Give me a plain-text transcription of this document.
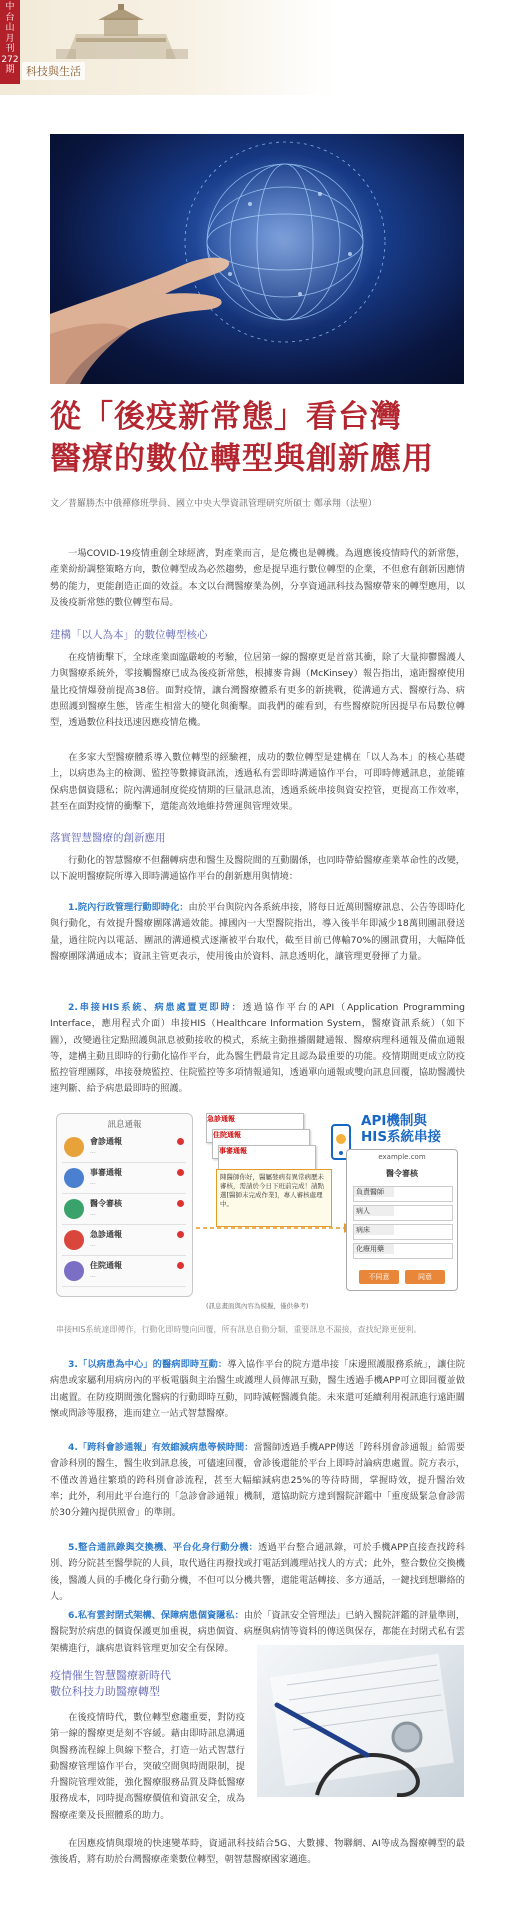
中
台
山
月
刊
272
期	科技與生活
從「後疫新常態」看台灣
醫療的數位轉型與創新應用
文／普羅勝杰中俄禪修班學員、國立中央大學資訊管理研究所碩士 鄭承翔（法聖）
一場COVID-19疫情重創全球經濟，對產業而言，是危機也是轉機。為週應後疫情時代的新常態，產業紛紛調整策略方向，數位轉型成為必然趨勢，愈是提早進行數位轉型的企業，不但愈有創新因應情勢的能力，更能創造正面的效益。本文以台灣醫療業為例，分享資通訊科技為醫療帶來的轉型應用，以及後疫新常態的數位轉型布局。
建構「以人為本」的數位轉型核心
在疫情衝擊下，全球產業面臨嚴峻的考驗，位居第一線的醫療更是首當其衝，除了大量抑鬱醫護人力與醫療系統外，零接觸醫療已成為後疫新常態，根據麥肯錫（McKinsey）報告指出，遠距醫療使用量比疫情爆發前提高38倍。面對疫情，讓台灣醫療體系有更多的新挑戰，從溝通方式、醫療行為、病患照護到醫療生態，皆產生相當大的變化與衝擊。面我們的確看到，有些醫療院所因提早布局數位轉型，透過數位科技迅速因應疫情危機。
在多家大型醫療體系導入數位轉型的經驗裡，成功的數位轉型是建構在「以人為本」的核心基礎上，以病患為主的檢測、監控等數據資訊流，透過私有雲即時溝通協作平台，可即時傳遞訊息，並能確保病患個資隱私；院內溝通制度從疫情期的巨量訊息流，透過系統串接與資安控管，更提高工作效率，甚至在面對疫情的衝擊下，還能高效地維持營運與管理效果。
落實智慧醫療的創新應用
行動化的智慧醫療不但翻轉病患和醫生及醫院間的互動關係，也同時帶給醫療產業革命性的改變，以下說明醫療院所導入即時溝通協作平台的創新應用與情境：
1.院內行政管理行動即時化：由於平台與院內各系統串接，將每日近萬則醫療訊息、公告等即時化與行動化，有效提升醫療團隊溝通效能。據國內一大型醫院指出，導入後半年即減少18萬則團訊發送量，過往院內以電話、團訊的溝通模式逐漸被平台取代，截至目前已傳輸70%的團訊費用，大幅降低醫療團隊溝通成本；資訊主管更表示，使用後由於資料、訊息透明化，讓管理更發揮了力量。
2.串接HIS系統、病患處置更即時：透過協作平台的API（Application Programming Interface，應用程式介面）串接HIS（Healthcare Information System，醫療資訊系統）（如下圖），改變過往定點照護與訊息被動接收的模式，系統主動推播關鍵通報、醫療病理科通報及備血通報等，建構主動且即時的行動化協作平台，此為醫生們最肯定且認為最重要的功能。疫情期間更成立防疫監控管理團隊，串接發燒監控、住院監控等多項情報通知，透過單向通報或雙向訊息回覆，協助醫護快速判斷、給予病患最即時的照護。
訊息通報
會診通報
...
事審通報
...
醫令審核
...
急診通報
...
住院通報
...
急診通報
住院通報
事審通報
陳醫師你好，醫屬發病有異常病歷未審核，需請於今日下班前完成！請點選[醫師未完成作業]，專人審核處理中。
API機制與
HIS系統串接
example.com
醫令審核
負責醫師
病人
病床
化療用藥
不同意	同意
(訊息畫面與內容為模擬，僅供參考)
串接HIS系統達即傳作，行動化即時雙向回覆，所有訊息自動分類，重要訊息不漏接，查找紀錄更便利。
3.「以病患為中心」的醫病即時互動：導入協作平台的院方還串接「床邊照護服務系統」，讓住院病患或家屬利用病房內的平板電腦與主治醫生或護理人員傳訊互動，醫生透過手機APP可立即回覆並做出處置。在防疫期間強化醫病的行動即時互動，同時減輕醫護負能。未來還可延續利用視訊進行遠距關懷或問診等服務，進而建立一站式智慧醫療。
4.「跨科會診通報」有效縮減病患等候時間：當醫師透過手機APP傳送「跨科別會診通報」給需要會診科別的醫生，醫生收到訊息後，可儘速回覆，會診後還能於平台上即時討論病患處置。院方表示，不僅改善過往繁瑣的跨科別會診流程，甚至大幅縮減病患25%的等待時間，掌握時效，提升醫治效率；此外，利用此平台進行的「急診會診通報」機制，還協助院方達到醫院評鑑中「重度級緊急會診需於30分鐘內提供照會」的準則。
5.整合通訊錄與交換機、平台化身行動分機：透過平台整合通訊錄，可於手機APP直接查找跨科別、跨分院甚至醫學院的人員，取代過往再撥找或打電話到護理站找人的方式；此外，整合數位交換機後，醫護人員的手機化身行動分機，不但可以分機共響，還能電話轉接、多方通話，一鍵找到想聯絡的人。
6.私有雲封閉式架構、保障病患個資隱私：由於「資訊安全管理法」已納入醫院評鑑的評量準則，醫院對於病患的個資保護更加重視，病患個資、病歷與病情等資料的傳送與保存，都能在封閉式私有雲架構進行，讓病患資料管理更加安全有保障。
疫情催生智慧醫療新時代
數位科技力助醫療轉型
在後疫情時代，數位轉型愈趨重要，對防疫第一線的醫療更是刻不容緩。藉由即時訊息溝通與醫務流程線上與線下整合，打造一站式智慧行動醫療管理協作平台，突破空間與時間限制，提升醫院管理效能，強化醫療服務品質及降低醫療服務成本，同時提高醫療價值和資訊安全，成為醫療產業及長照體系的助力。
在因應疫情與環境的快速變革時，資通訊科技結合5G、大數據、物聯網、AI等成為醫療轉型的最強後盾，將有助於台灣醫療產業數位轉型，朝智慧醫療國家邁進。
